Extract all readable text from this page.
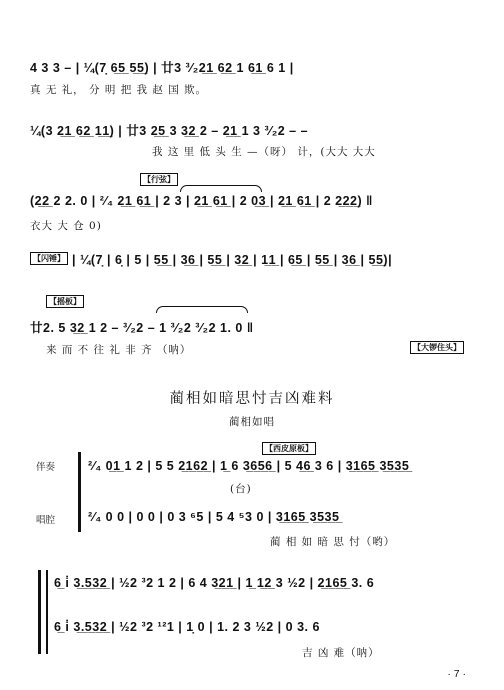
4 3 3 – | ¼(7̣ 6̲5̲ 5̲5̲) | 廿3 ³⁄₂2̲1̲ 6̲2̲ 1 6̲1̲ 6 1 |
真 无 礼， 分 明 把 我 赵 国 欺。
¼(3 2̲1̲ 6̲2̲ 1̲1̲) | 廿3 2̲5̲ 3 3̲2̲ 2 – 2̲1̲ 1 3 ³⁄₂2 – –
我 这 里 低 头 生 —（呀） 计，(大大 大大
【行弦】
(2̲2̲ 2 2. 0 | ²⁄₄ 2̲1̲ 6̲1̲ | 2 3 | 2̲1̲ 6̲1̲ | 2 0̲3̲ | 2̲1̲ 6̲1̲ | 2 2̲2̲2̲) ‖
衣大 大 仓 0)
【闪锤】 | ¼(7̣ | 6̣ | 5 | 5̲5̲ | 3̲6̲ | 5̲5̲ | 3̲2̲ | 1̲1̲ | 6̲5̲ | 5̲5̲ | 3̲6̲ | 5̲5̲)|
【摇板】
廿2. 5 3̲2̲ 1 2 – ³⁄₂2 – 1 ³⁄₂2 ³⁄₂2 1. 0 ‖
来 而 不 往 礼 非 齐 （呐）	【大锣住头】
蔺相如暗思忖吉凶难料
蔺相如唱
【西皮原板】
伴奏
唱腔
²⁄₄ 0̲1̲ 1 2 | 5 5 2̲1̲6̲2̲ | 1̲ 6 3̲6̲5̲6̲ | 5 4̲6̲ 3 6 | 3̲1̲6̲5̲ 3̲5̲3̲5̲
(台)
²⁄₄ 0 0 | 0 0 | 0 3 ⁶5 | 5 4 ⁵3 0 | 3̲1̲6̲5̲ 3̲5̲3̲5̲
蔺 相 如 暗 思 忖（哟）
6̲ i̇ 3̲.̲5̲3̲2̲ | ½2 ³2 1 2 | 6 4 3̲2̲1̲ | 1̲ 1̲2̲ 3 ½2 | 2̲1̲6̲5̲ 3. 6
6̲ i̇ 3̲.̲5̲3̲2̲ | ½2 ³2 ¹²1 | 1̣ 0 | 1. 2 3 ½2 | 0 3. 6
吉 凶 难（呐）
· 7 ·
